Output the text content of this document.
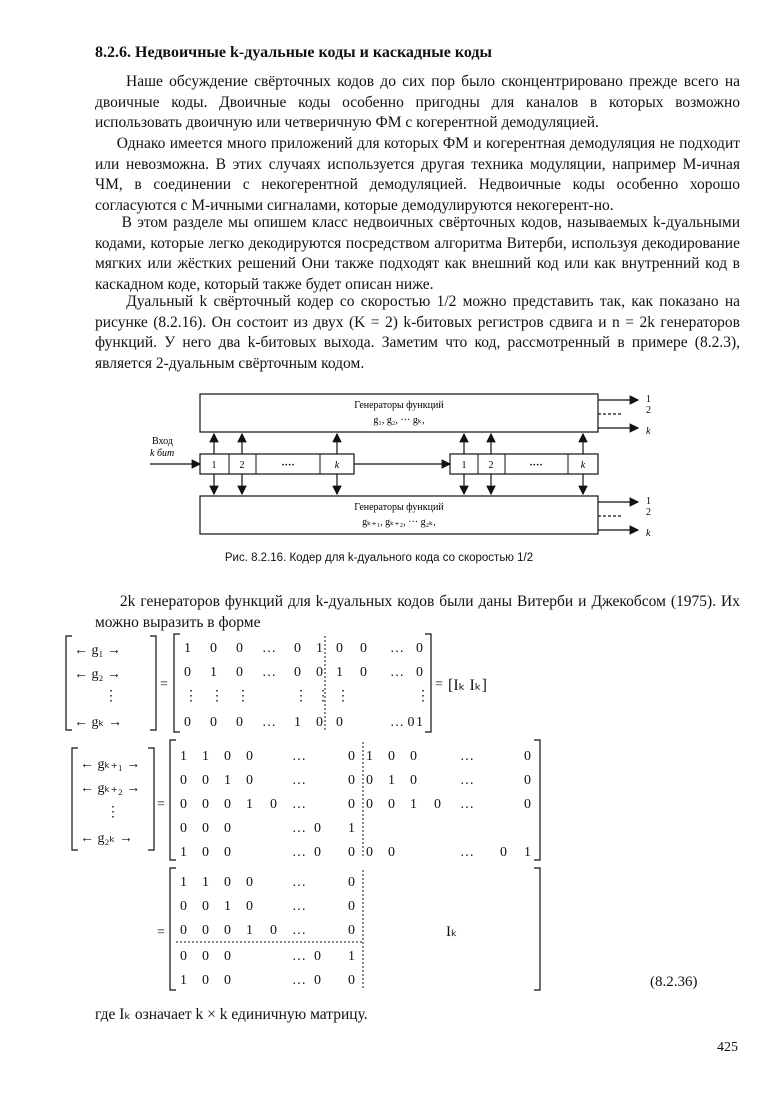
8.2.6. Недвоичные k-дуальные коды и каскадные коды
Наше обсуждение свёрточных кодов до сих пор было сконцентрировано прежде всего на двоичные коды. Двоичные коды особенно пригодны для каналов в которых возможно использовать двоичную или четверичную ФМ с когерентной демодуляцией.
Однако имеется много приложений для которых ФМ и когерентная демодуляция не подходит или невозможна. В этих случаях используется другая техника модуляции, например M-ичная ЧМ, в соединении с некогерентной демодуляцией. Недвоичные коды особенно хорошо согласуются с M-ичными сигналами, которые демодулируются некогерент-но.
В этом разделе мы опишем класс недвоичных свёрточных кодов, называемых k-дуальными кодами, которые легко декодируются посредством алгоритма Витерби, используя декодирование мягких или жёстких решений Они также подходят как внешний код или как внутренний код в каскадном коде, который также будет описан ниже.
Дуальный k свёрточный кодер со скоростью 1/2 можно представить так, как показано на рисунке (8.2.16). Он состоит из двух (K = 2) k-битовых регистров сдвига и n = 2k генераторов функций. У него два k-битовых выхода. Заметим что код, рассмотренный в примере (8.2.3), является 2-дуальным свёрточным кодом.
Генераторы функций
g₁, g₂, ··· gₖ,
Генераторы функций
gₖ₊₁, gₖ₊₂, ··· g₂ₖ,
Вход
k бит
1 2	····	k	1 2	····	k
1
2
k
1
2
k
Рис. 8.2.16. Кодер для k-дуального кода со скоростью 1/2
2k генераторов функций для k-дуальных кодов были даны Витерби и Джекобсом (1975). Их можно выразить в форме
← g₁ →
← g₂ →
⋮
← gₖ →
=
1 0 0 … 0 1 0 0 … 0
0 1 0 … 0 0 1 0 … 0
⋮ ⋮ ⋮	⋮ ⋮ ⋮	⋮
0 0 0 … 1 0 0	… 0 1
= [Iₖ Iₖ]
← gₖ₊₁ →
← gₖ₊₂ →
⋮
← g₂ₖ →
=
1 1 0 0	…	0 1 0 0	…	0
0 0 1 0	…	0 0 1 0	…	0
0 0 0 1 0 …	0 0 0 1 0 …	0
0 0 0	… 0 1
1 0 0	… 0 0 0 0	… 0 1
=
1 1 0 0	…	0
0 0 1 0	…	0
0 0 0 1 0 …	0
0 0 0	… 0 1
1 0 0	… 0 0
Iₖ
(8.2.36)
где Iₖ означает k × k единичную матрицу.
425
